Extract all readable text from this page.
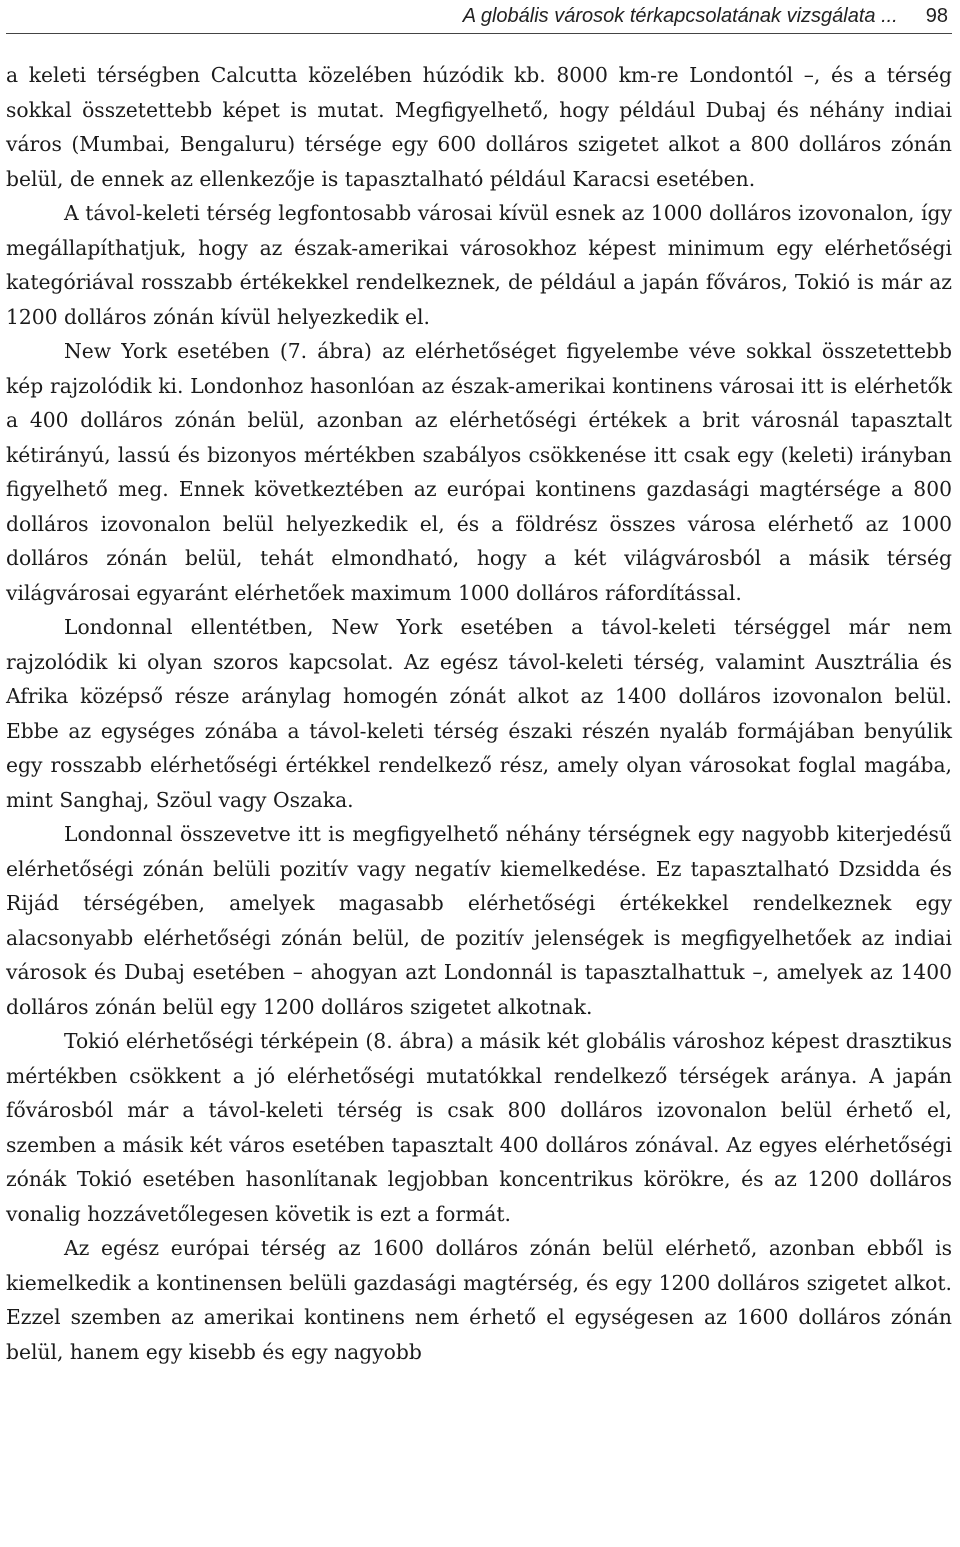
A globális városok térkapcsolatának vizsgálata ... 98

a keleti térségben Calcutta közelében húzódik kb. 8000 km-re Londontól –, és a térség sokkal összetettebb képet is mutat. Megfigyelhető, hogy például Dubaj és néhány indiai város (Mumbai, Bengaluru) térsége egy 600 dolláros szigetet alkot a 800 dolláros zónán belül, de ennek az ellenkezője is tapasztalható például Karacsi esetében.

A távol-keleti térség legfontosabb városai kívül esnek az 1000 dolláros izovonalon, így megállapíthatjuk, hogy az észak-amerikai városokhoz képest minimum egy elérhetőségi kategóriával rosszabb értékekkel rendelkeznek, de például a japán főváros, Tokió is már az 1200 dolláros zónán kívül helyezkedik el.

New York esetében (7. ábra) az elérhetőséget figyelembe véve sokkal összetettebb kép rajzolódik ki. Londonhoz hasonlóan az észak-amerikai kontinens városai itt is elérhetők a 400 dolláros zónán belül, azonban az elérhetőségi értékek a brit városnál tapasztalt kétirányú, lassú és bizonyos mértékben szabályos csökkenése itt csak egy (keleti) irányban figyelhető meg. Ennek következtében az európai kontinens gazdasági magtérsége a 800 dolláros izovonalon belül helyezkedik el, és a földrész összes városa elérhető az 1000 dolláros zónán belül, tehát elmondható, hogy a két világvárosból a másik térség világvárosai egyaránt elérhetőek maximum 1000 dolláros ráfordítással.

Londonnal ellentétben, New York esetében a távol-keleti térséggel már nem rajzolódik ki olyan szoros kapcsolat. Az egész távol-keleti térség, valamint Ausztrália és Afrika középső része aránylag homogén zónát alkot az 1400 dolláros izovonalon belül. Ebbe az egységes zónába a távol-keleti térség északi részén nyaláb formájában benyúlik egy rosszabb elérhetőségi értékkel rendelkező rész, amely olyan városokat foglal magába, mint Sanghaj, Szöul vagy Oszaka.

Londonnal összevetve itt is megfigyelhető néhány térségnek egy nagyobb kiterjedésű elérhetőségi zónán belüli pozitív vagy negatív kiemelkedése. Ez tapasztalható Dzsidda és Rijád térségében, amelyek magasabb elérhetőségi értékekkel rendelkeznek egy alacsonyabb elérhetőségi zónán belül, de pozitív jelenségek is megfigyelhetőek az indiai városok és Dubaj esetében – ahogyan azt Londonnál is tapasztalhattuk –, amelyek az 1400 dolláros zónán belül egy 1200 dolláros szigetet alkotnak.

Tokió elérhetőségi térképein (8. ábra) a másik két globális városhoz képest drasztikus mértékben csökkent a jó elérhetőségi mutatókkal rendelkező térségek aránya. A japán fővárosból már a távol-keleti térség is csak 800 dolláros izovonalon belül érhető el, szemben a másik két város esetében tapasztalt 400 dolláros zónával. Az egyes elérhetőségi zónák Tokió esetében hasonlítanak legjobban koncentrikus körökre, és az 1200 dolláros vonalig hozzávetőlegesen követik is ezt a formát.

Az egész európai térség az 1600 dolláros zónán belül elérhető, azonban ebből is kiemelkedik a kontinensen belüli gazdasági magtérség, és egy 1200 dolláros szigetet alkot. Ezzel szemben az amerikai kontinens nem érhető el egységesen az 1600 dolláros zónán belül, hanem egy kisebb és egy nagyobb
